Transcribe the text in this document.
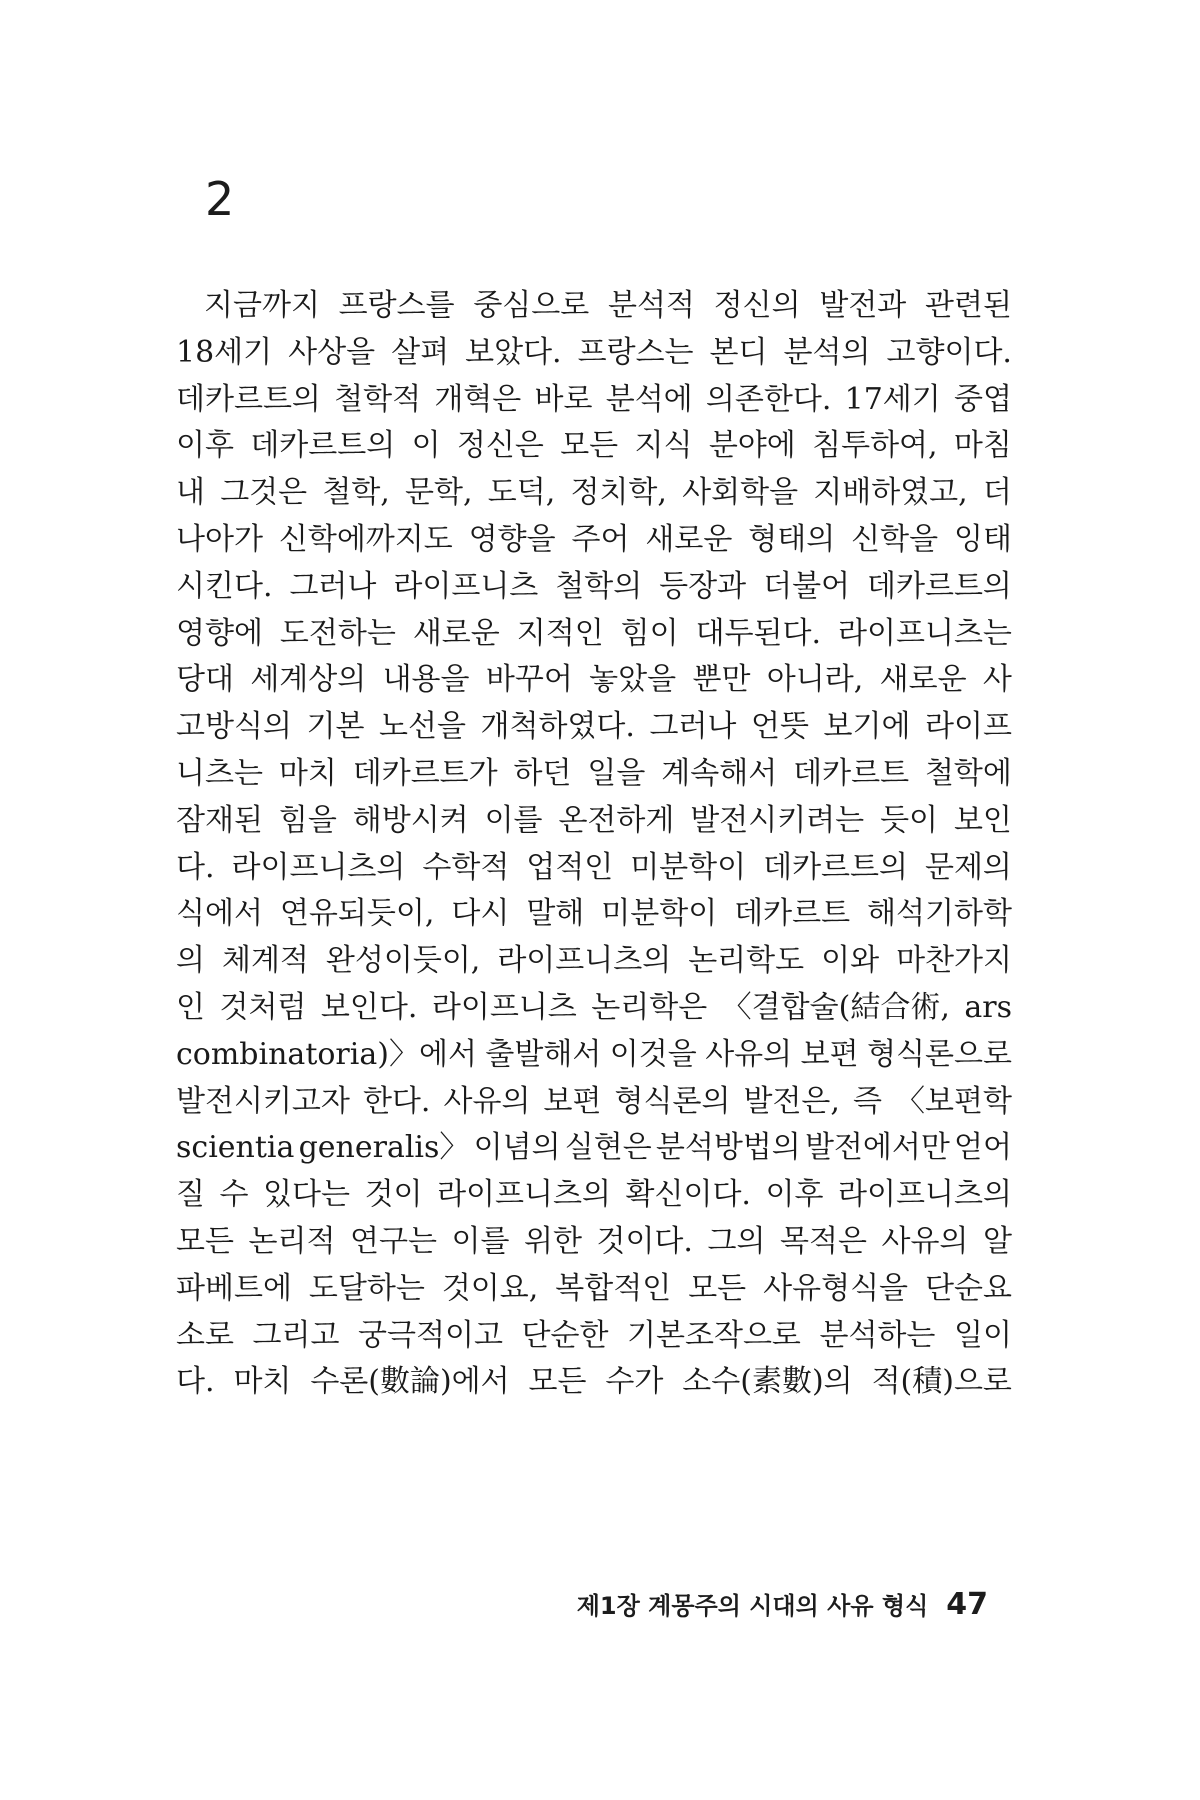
2
지금까지 프랑스를 중심으로 분석적 정신의 발전과 관련된
18세기 사상을 살펴 보았다. 프랑스는 본디 분석의 고향이다.
데카르트의 철학적 개혁은 바로 분석에 의존한다. 17세기 중엽
이후 데카르트의 이 정신은 모든 지식 분야에 침투하여, 마침
내 그것은 철학, 문학, 도덕, 정치학, 사회학을 지배하였고, 더
나아가 신학에까지도 영향을 주어 새로운 형태의 신학을 잉태
시킨다. 그러나 라이프니츠 철학의 등장과 더불어 데카르트의
영향에 도전하는 새로운 지적인 힘이 대두된다. 라이프니츠는
당대 세계상의 내용을 바꾸어 놓았을 뿐만 아니라, 새로운 사
고방식의 기본 노선을 개척하였다. 그러나 언뜻 보기에 라이프
니츠는 마치 데카르트가 하던 일을 계속해서 데카르트 철학에
잠재된 힘을 해방시켜 이를 온전하게 발전시키려는 듯이 보인
다. 라이프니츠의 수학적 업적인 미분학이 데카르트의 문제의
식에서 연유되듯이, 다시 말해 미분학이 데카르트 해석기하학
의 체계적 완성이듯이, 라이프니츠의 논리학도 이와 마찬가지
인 것처럼 보인다. 라이프니츠 논리학은 〈결합술(結合術, ars
combinatoria)〉에서 출발해서 이것을 사유의 보편 형식론으로
발전시키고자 한다. 사유의 보편 형식론의 발전은, 즉 〈보편학
scientia generalis〉 이념의 실현은 분석방법의 발전에서만 얻어
질 수 있다는 것이 라이프니츠의 확신이다. 이후 라이프니츠의
모든 논리적 연구는 이를 위한 것이다. 그의 목적은 사유의 알
파베트에 도달하는 것이요, 복합적인 모든 사유형식을 단순요
소로 그리고 궁극적이고 단순한 기본조작으로 분석하는 일이
다. 마치 수론(數論)에서 모든 수가 소수(素數)의 적(積)으로
제1장 계몽주의 시대의 사유 형식 47
